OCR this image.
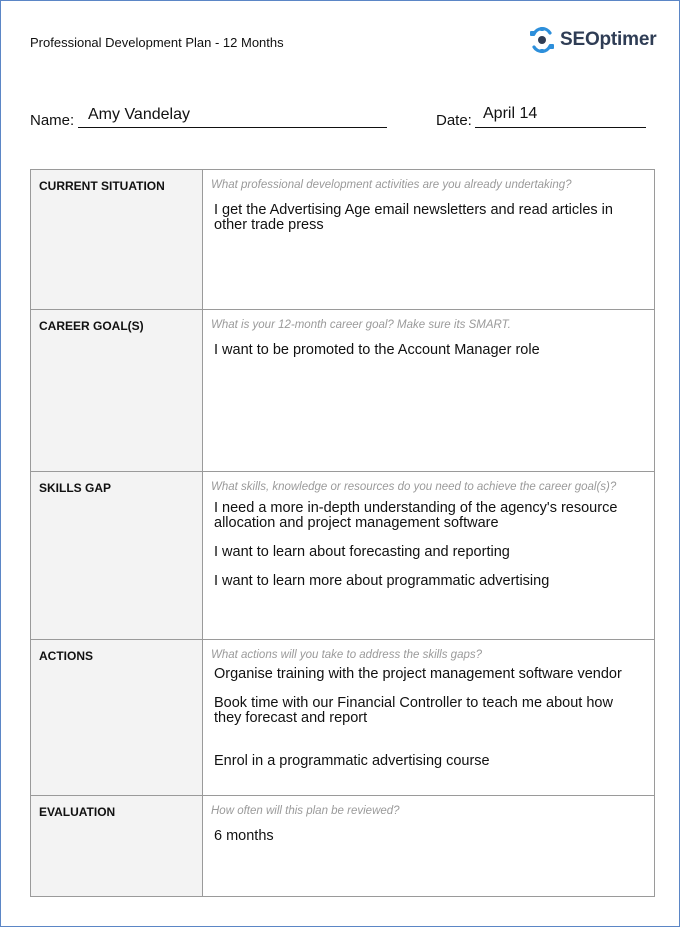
Professional Development Plan - 12 Months	SEOptimer
Name: Amy Vandelay	Date: April 14
CURRENT SITUATION	What professional development activities are you already undertaking?
I get the Advertising Age email newsletters and read articles in other trade press

CAREER GOAL(S)	What is your 12-month career goal? Make sure its SMART.
I want to be promoted to the Account Manager role

SKILLS GAP	What skills, knowledge or resources do you need to achieve the career goal(s)?
I need a more in-depth understanding of the agency's resource allocation and project management software
I want to learn about forecasting and reporting
I want to learn more about programmatic advertising

ACTIONS	What actions will you take to address the skills gaps?
Organise training with the project management software vendor
Book time with our Financial Controller to teach me about how they forecast and report
Enrol in a programmatic advertising course

EVALUATION	How often will this plan be reviewed?
6 months
